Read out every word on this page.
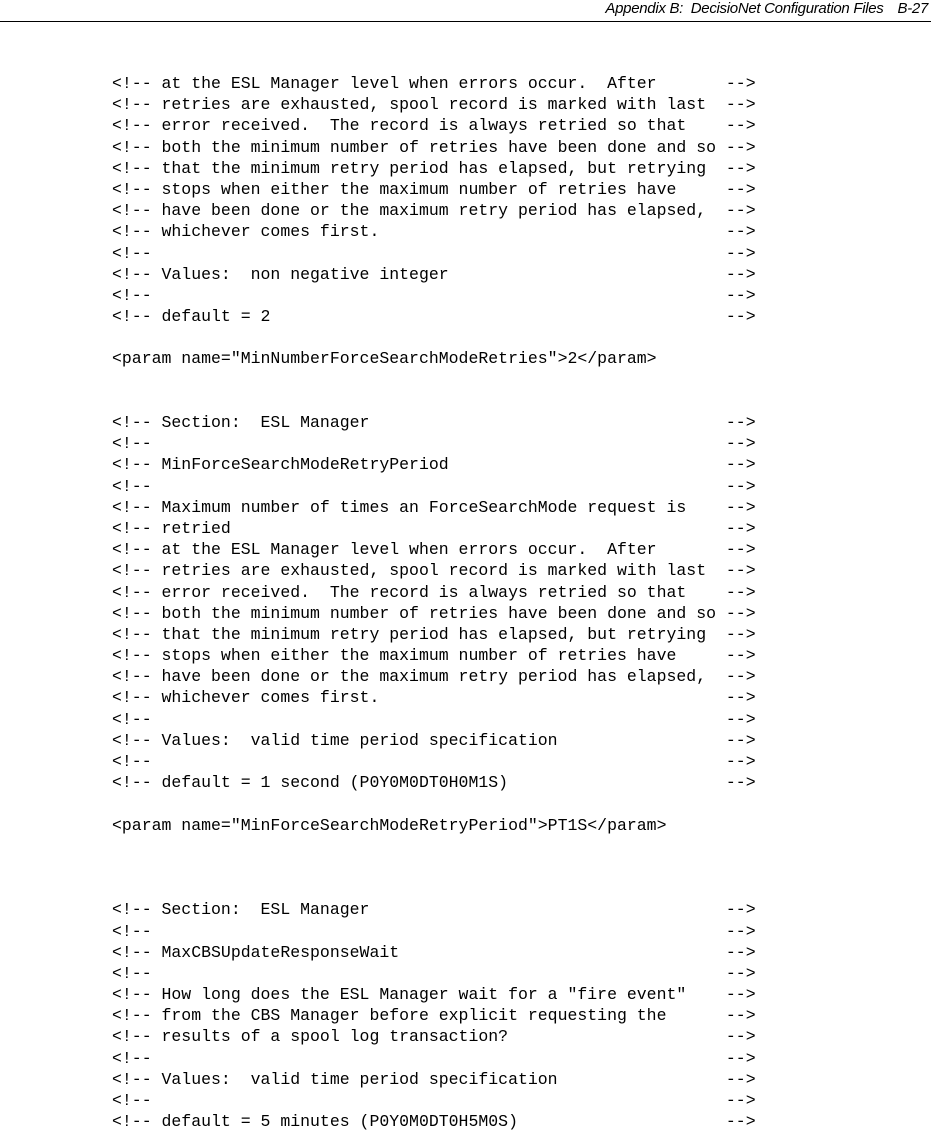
Appendix B:  DecisioNet Configuration Files B-27
<!-- at the ESL Manager level when errors occur.  After       -->
<!-- retries are exhausted, spool record is marked with last  -->
<!-- error received.  The record is always retried so that    -->
<!-- both the minimum number of retries have been done and so -->
<!-- that the minimum retry period has elapsed, but retrying  -->
<!-- stops when either the maximum number of retries have     -->
<!-- have been done or the maximum retry period has elapsed,  -->
<!-- whichever comes first.                                   -->
<!--                                                          -->
<!-- Values:  non negative integer                            -->
<!--                                                          -->
<!-- default = 2                                              -->
<param name="MinNumberForceSearchModeRetries">2</param>
<!-- Section:  ESL Manager                                    -->
<!--                                                          -->
<!-- MinForceSearchModeRetryPeriod                            -->
<!--                                                          -->
<!-- Maximum number of times an ForceSearchMode request is    -->
<!-- retried                                                  -->
<!-- at the ESL Manager level when errors occur.  After       -->
<!-- retries are exhausted, spool record is marked with last  -->
<!-- error received.  The record is always retried so that    -->
<!-- both the minimum number of retries have been done and so -->
<!-- that the minimum retry period has elapsed, but retrying  -->
<!-- stops when either the maximum number of retries have     -->
<!-- have been done or the maximum retry period has elapsed,  -->
<!-- whichever comes first.                                   -->
<!--                                                          -->
<!-- Values:  valid time period specification                 -->
<!--                                                          -->
<!-- default = 1 second (P0Y0M0DT0H0M1S)                      -->
<param name="MinForceSearchModeRetryPeriod">PT1S</param>
<!-- Section:  ESL Manager                                    -->
<!--                                                          -->
<!-- MaxCBSUpdateResponseWait                                 -->
<!--                                                          -->
<!-- How long does the ESL Manager wait for a "fire event"    -->
<!-- from the CBS Manager before explicit requesting the      -->
<!-- results of a spool log transaction?                      -->
<!--                                                          -->
<!-- Values:  valid time period specification                 -->
<!--                                                          -->
<!-- default = 5 minutes (P0Y0M0DT0H5M0S)                     -->
